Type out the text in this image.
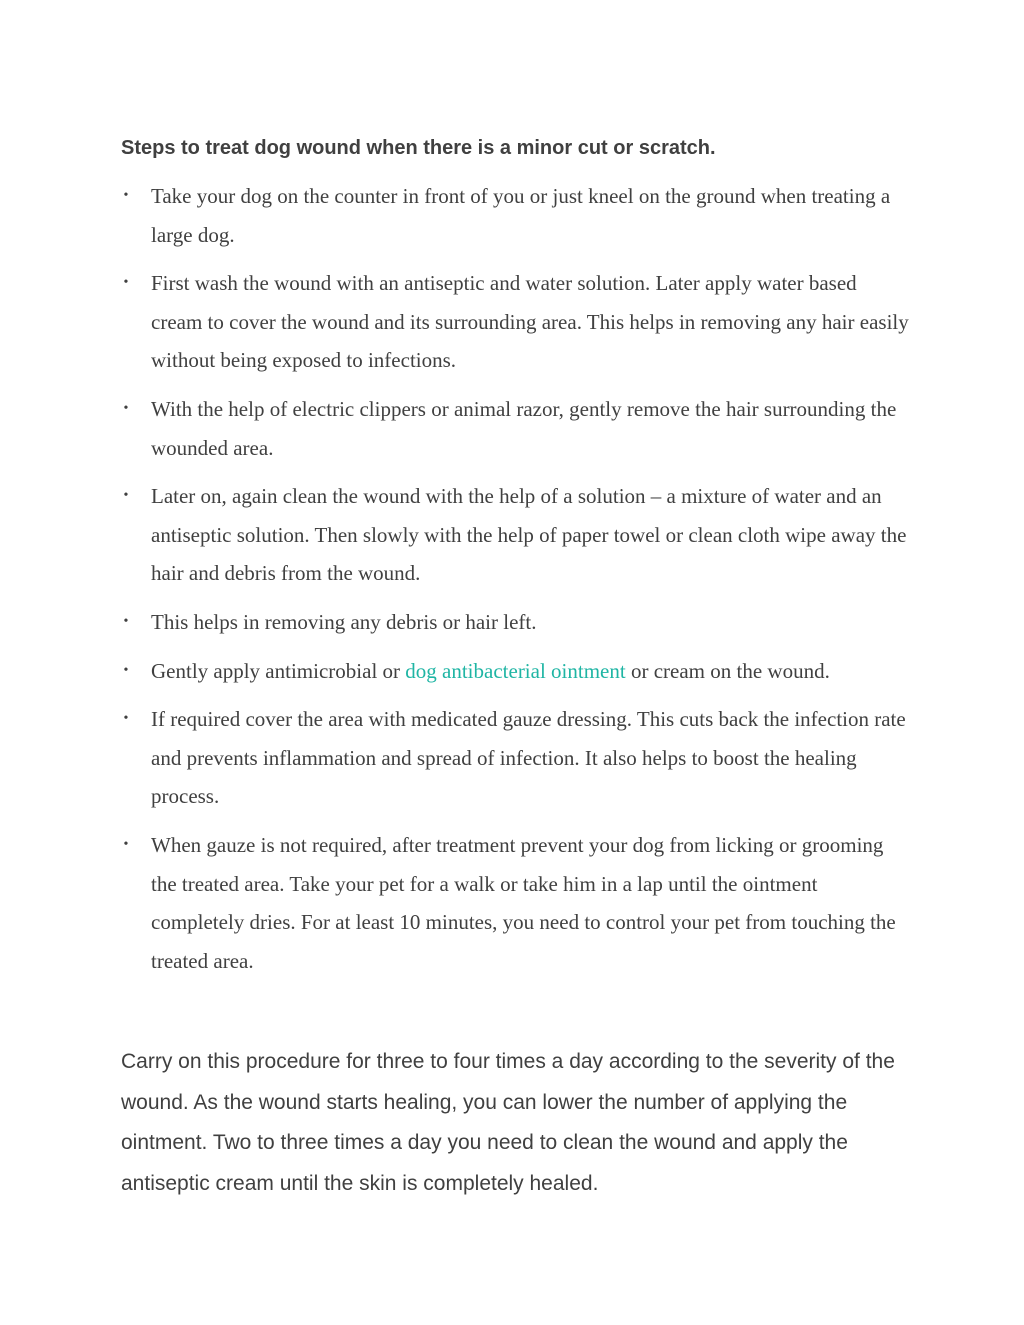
Steps to treat dog wound when there is a minor cut or scratch.
• Take your dog on the counter in front of you or just kneel on the ground when treating a large dog.
• First wash the wound with an antiseptic and water solution. Later apply water based cream to cover the wound and its surrounding area. This helps in removing any hair easily without being exposed to infections.
• With the help of electric clippers or animal razor, gently remove the hair surrounding the wounded area.
• Later on, again clean the wound with the help of a solution – a mixture of water and an antiseptic solution. Then slowly with the help of paper towel or clean cloth wipe away the hair and debris from the wound.
• This helps in removing any debris or hair left.
• Gently apply antimicrobial or dog antibacterial ointment or cream on the wound.
• If required cover the area with medicated gauze dressing. This cuts back the infection rate and prevents inflammation and spread of infection. It also helps to boost the healing process.
• When gauze is not required, after treatment prevent your dog from licking or grooming the treated area. Take your pet for a walk or take him in a lap until the ointment completely dries. For at least 10 minutes, you need to control your pet from touching the treated area.

Carry on this procedure for three to four times a day according to the severity of the wound. As the wound starts healing, you can lower the number of applying the ointment. Two to three times a day you need to clean the wound and apply the antiseptic cream until the skin is completely healed.
